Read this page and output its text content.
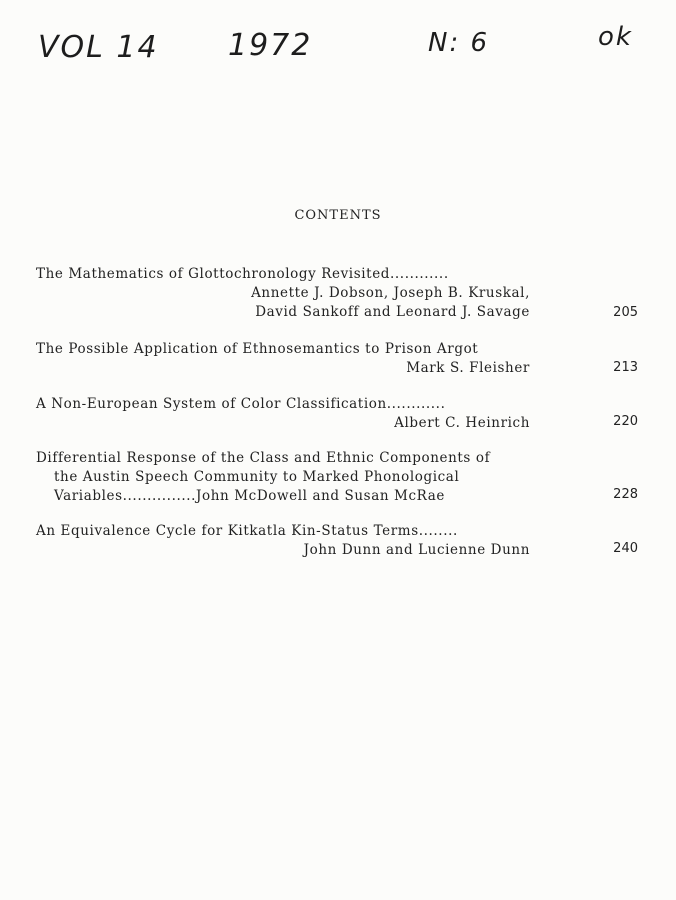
VOL 14 1972	N: 6	ok
CONTENTS
The Mathematics of Glottochronology Revisited............
Annette J. Dobson, Joseph B. Kruskal,
David Sankoff and Leonard J. Savage	205
The Possible Application of Ethnosemantics to Prison Argot
Mark S. Fleisher	213
A Non-European System of Color Classification............
Albert C. Heinrich	220
Differential Response of the Class and Ethnic Components of
the Austin Speech Community to Marked Phonological
Variables...............John McDowell and Susan McRae	228
An Equivalence Cycle for Kitkatla Kin-Status Terms........
John Dunn and Lucienne Dunn	240
